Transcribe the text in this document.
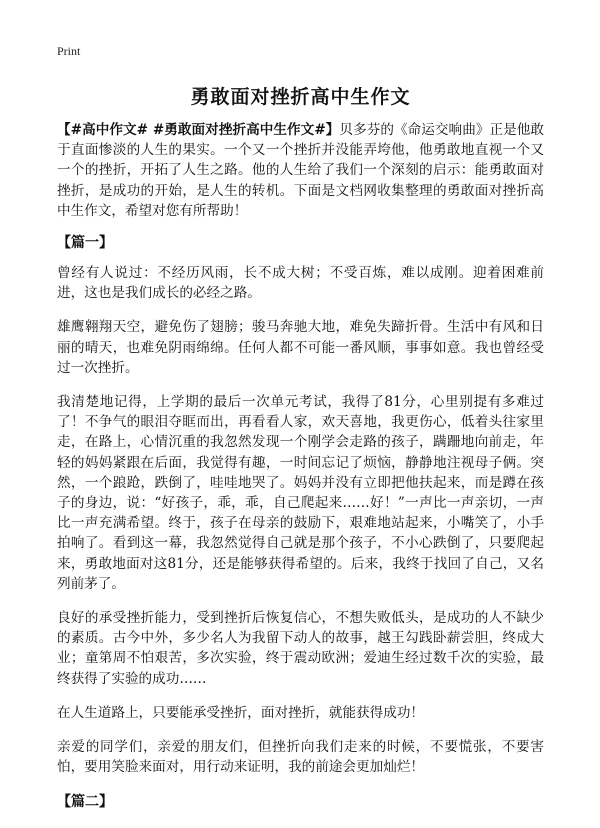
Print
勇敢面对挫折高中生作文

【#高中作文# #勇敢面对挫折高中生作文#】贝多芬的《命运交响曲》正是他敢于直面惨淡的人生的果实。一个又一个挫折并没能弄垮他，他勇敢地直视一个又一个的挫折，开拓了人生之路。他的人生给了我们一个深刻的启示：能勇敢面对挫折，是成功的开始，是人生的转机。下面是文档网收集整理的勇敢面对挫折高中生作文，希望对您有所帮助！

【篇一】

曾经有人说过：不经历风雨，长不成大树；不受百炼，难以成刚。迎着困难前进，这也是我们成长的必经之路。

雄鹰翱翔天空，避免伤了翅膀；骏马奔驰大地，难免失蹄折骨。生活中有风和日丽的晴天，也难免阴雨绵绵。任何人都不可能一番风顺，事事如意。我也曾经受过一次挫折。

我清楚地记得，上学期的最后一次单元考试，我得了81分，心里别提有多难过了！不争气的眼泪夺眶而出，再看看人家，欢天喜地，我更伤心，低着头往家里走，在路上，心情沉重的我忽然发现一个刚学会走路的孩子，蹒跚地向前走，年轻的妈妈紧跟在后面，我觉得有趣，一时间忘记了烦恼，静静地注视母子俩。突然，一个踉跄，跌倒了，哇哇地哭了。妈妈并没有立即把他扶起来，而是蹲在孩子的身边，说：“好孩子，乖，乖，自己爬起来……好！”一声比一声亲切，一声比一声充满希望。终于，孩子在母亲的鼓励下，艰难地站起来，小嘴笑了，小手拍响了。看到这一幕，我忽然觉得自己就是那个孩子，不小心跌倒了，只要爬起来，勇敢地面对这81分，还是能够获得希望的。后来，我终于找回了自己，又名列前茅了。

良好的承受挫折能力，受到挫折后恢复信心，不想失败低头，是成功的人不缺少的素质。古今中外，多少名人为我留下动人的故事，越王勾践卧薪尝胆，终成大业；童第周不怕艰苦，多次实验，终于震动欧洲；爱迪生经过数千次的实验，最终获得了实验的成功……

在人生道路上，只要能承受挫折，面对挫折，就能获得成功！

亲爱的同学们，亲爱的朋友们，但挫折向我们走来的时候，不要慌张，不要害怕，要用笑脸来面对，用行动来证明，我的前途会更加灿烂！

【篇二】
